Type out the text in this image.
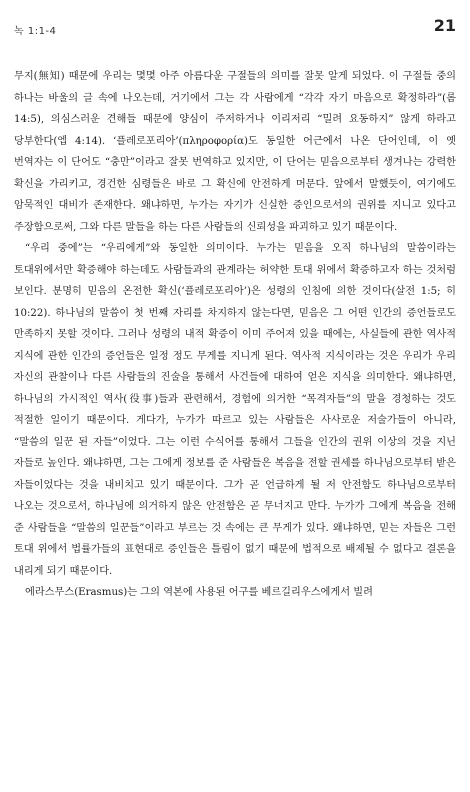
녹 1:1-4	21

무지(無知) 때문에 우리는 몇몇 아주 아름다운 구절들의 의미를 잘못 알게 되었다. 이 구절들 중의 하나는 바울의 글 속에 나오는데, 거기에서 그는 각 사람에게 “각각 자기 마음으로 확정하라”(롬 14:5), 의심스러운 견해들 때문에 양심이 주저하거나 이리저리 “밀려 요동하지” 않게 하라고 당부한다(엡 4:14). ‘플레로포리아’(πληροφορία)도 동일한 어근에서 나온 단어인데, 이 옛 번역자는 이 단어도 “충만”이라고 잘못 번역하고 있지만, 이 단어는 믿음으로부터 생겨나는 강력한 확신을 가리키고, 경건한 심령들은 바로 그 확신에 안전하게 머문다. 앞에서 말했듯이, 여기에도 암묵적인 대비가 존재한다. 왜냐하면, 누가는 자기가 신실한 증인으로서의 권위를 지니고 있다고 주장함으로써, 그와 다른 말들을 하는 다른 사람들의 신뢰성을 파괴하고 있기 때문이다.

“우리 중에”는 “우리에게”와 동일한 의미이다. 누가는 믿음을 오직 하나님의 말씀이라는 토대위에서만 확증해야 하는데도 사람들과의 관계라는 허약한 토대 위에서 확증하고자 하는 것처럼 보인다. 분명히 믿음의 온전한 확신(‘플레로포리아’)은 성령의 인침에 의한 것이다(살전 1:5; 히 10:22). 하나님의 말씀이 첫 번째 자리를 차지하지 않는다면, 믿음은 그 어떤 인간의 증언들로도 만족하지 못할 것이다. 그러나 성령의 내적 확증이 이미 주어져 있을 때에는, 사실들에 관한 역사적 지식에 관한 인간의 증언들은 일정 정도 무게를 지니게 된다. 역사적 지식이라는 것은 우리가 우리 자신의 관찰이나 다른 사람들의 진술을 통해서 사건들에 대하여 얻은 지식을 의미한다. 왜냐하면, 하나님의 가시적인 역사(役事)들과 관련해서, 경험에 의거한 “목격자들”의 말을 경청하는 것도 적절한 일이기 때문이다. 게다가, 누가가 따르고 있는 사람들은 사사로운 저술가들이 아니라, “말씀의 일꾼 된 자들”이었다. 그는 이런 수식어를 통해서 그들을 인간의 권위 이상의 것을 지닌 자들로 높인다. 왜냐하면, 그는 그에게 정보를 준 사람들은 복음을 전할 권세를 하나님으로부터 받은 자들이었다는 것을 내비치고 있기 때문이다. 그가 곧 언급하게 될 저 안전함도 하나님으로부터 나오는 것으로서, 하나님에 의거하지 않은 안전함은 곧 무너지고 만다. 누가가 그에게 복음을 전해 준 사람들을 “말씀의 일꾼들”이라고 부르는 것 속에는 큰 무게가 있다. 왜냐하면, 믿는 자들은 그런 토대 위에서 법률가들의 표현대로 증인들은 틀림이 없기 때문에 법적으로 배제될 수 없다고 결론을 내리게 되기 때문이다.

에라스무스(Erasmus)는 그의 역본에 사용된 어구를 베르길리우스에게서 빌려
